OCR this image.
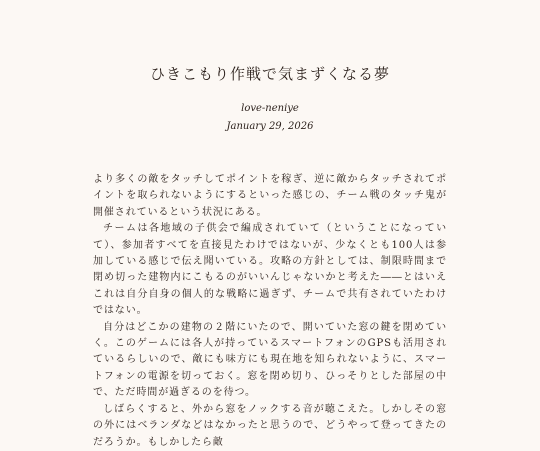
ひきこもり作戦で気まずくなる夢
love-neniye
January 29, 2026

より多くの敵をタッチしてポイントを稼ぎ、逆に敵からタッチされてポイントを取られないようにするといった感じの、チーム戦のタッチ鬼が開催されているという状況にある。

チームは各地域の子供会で編成されていて（ということになっていて）、参加者すべてを直接見たわけではないが、少なくとも100人は参加している感じで伝え聞いている。攻略の方針としては、制限時間まで閉め切った建物内にこもるのがいいんじゃないかと考えた――とはいえこれは自分自身の個人的な戦略に過ぎず、チームで共有されていたわけではない。

自分はどこかの建物の２階にいたので、開いていた窓の鍵を閉めていく。このゲームには各人が持っているスマートフォンのGPSも活用されているらしいので、敵にも味方にも現在地を知られないように、スマートフォンの電源を切っておく。窓を閉め切り、ひっそりとした部屋の中で、ただ時間が過ぎるのを待つ。

しばらくすると、外から窓をノックする音が聴こえた。しかしその窓の外にはベランダなどはなかったと思うので、どうやって登ってきたのだろうか。もしかしたら敵
